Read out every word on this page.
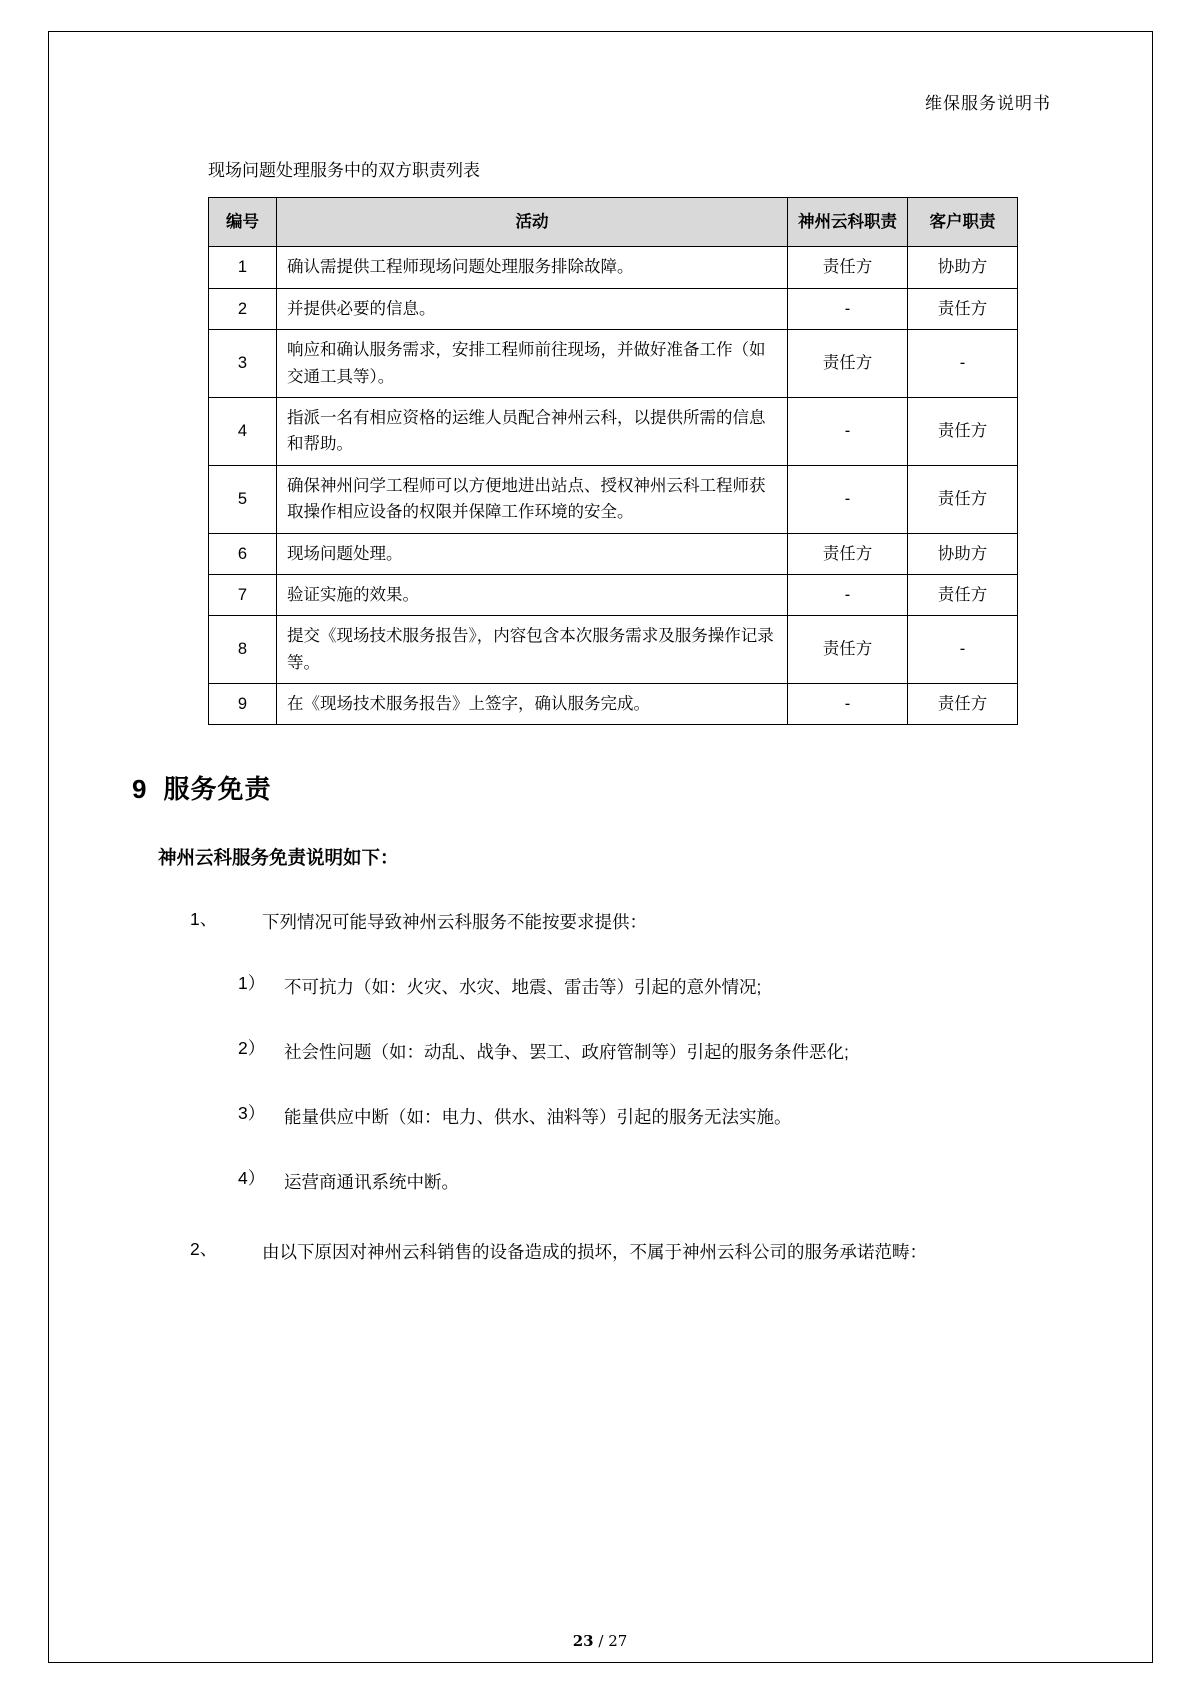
维保服务说明书
现场问题处理服务中的双方职责列表
编号	活动	神州云科职责	客户职责
1	确认需提供工程师现场问题处理服务排除故障。	责任方	协助方
2	并提供必要的信息。	-	责任方
3	响应和确认服务需求，安排工程师前往现场，并做好准备工作（如交通工具等）。	责任方	-
4	指派一名有相应资格的运维人员配合神州云科，以提供所需的信息和帮助。	-	责任方
5	确保神州问学工程师可以方便地进出站点、授权神州云科工程师获取操作相应设备的权限并保障工作环境的安全。	-	责任方
6	现场问题处理。	责任方	协助方
7	验证实施的效果。	-	责任方
8	提交《现场技术服务报告》，内容包含本次服务需求及服务操作记录等。	责任方	-
9	在《现场技术服务报告》上签字，确认服务完成。	-	责任方
9 服务免责
神州云科服务免责说明如下：
1、	下列情况可能导致神州云科服务不能按要求提供：
1）	不可抗力（如：火灾、水灾、地震、雷击等）引起的意外情况;
2）	社会性问题（如：动乱、战争、罢工、政府管制等）引起的服务条件恶化;
3）	能量供应中断（如：电力、供水、油料等）引起的服务无法实施。
4）	运营商通讯系统中断。
2、	由以下原因对神州云科销售的设备造成的损坏，不属于神州云科公司的服务承诺范畴：
23 / 27
